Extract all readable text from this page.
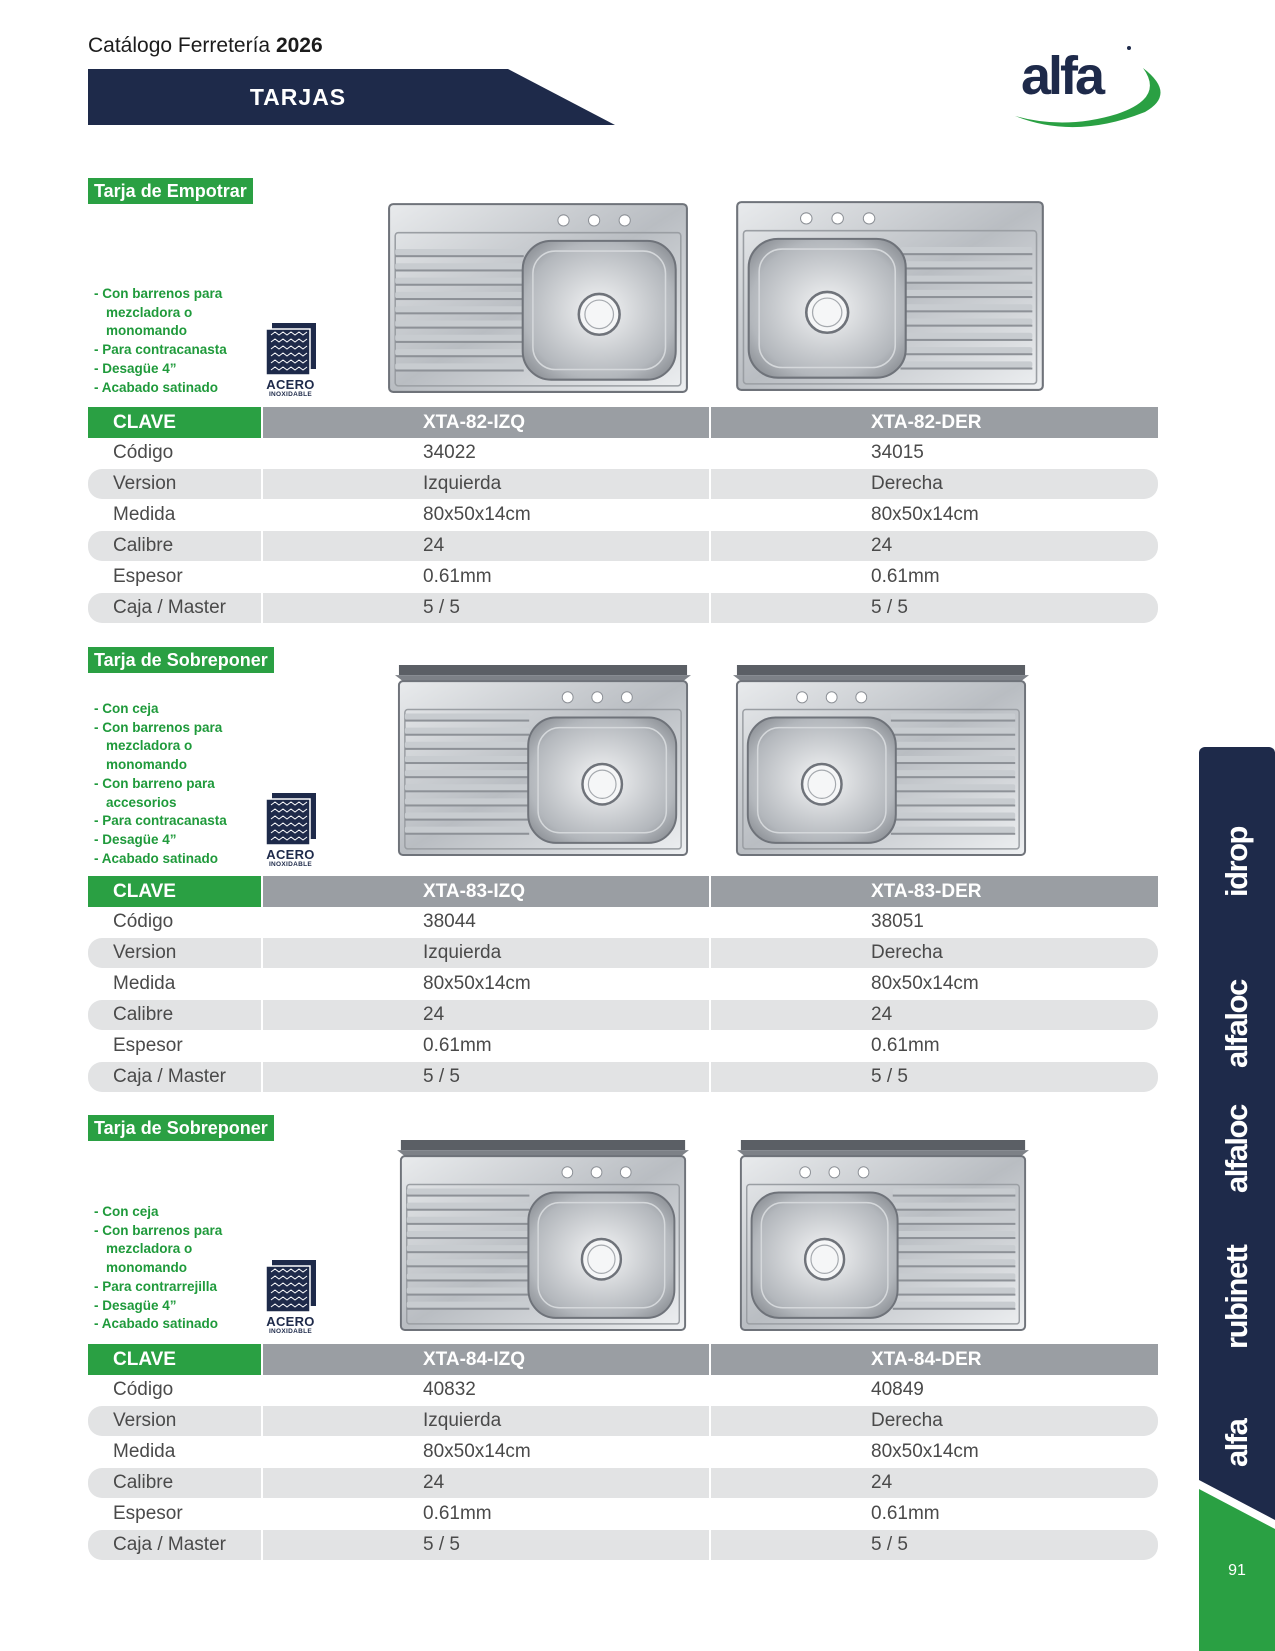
Catálogo Ferretería 2026
TARJAS	alfa
Tarja de Empotrar
- Con barrenos para
mezcladora o
monomando
- Para contracanasta
- Desagüe 4”
- Acabado satinado	ACERO
INOXIDABLE
CLAVE	XTA-82-IZQ	XTA-82-DER
Código	34022	34015
Version	Izquierda	Derecha
Medida	80x50x14cm	80x50x14cm
Calibre	24	24
Espesor	0.61mm	0.61mm
Caja / Master	5 / 5	5 / 5
Tarja de Sobreponer
- Con ceja
- Con barrenos para
mezcladora o
monomando
- Con barreno para
accesorios
- Para contracanasta
- Desagüe 4”
- Acabado satinado	ACERO
INOXIDABLE
CLAVE	XTA-83-IZQ	XTA-83-DER
Código	38044	38051
Version	Izquierda	Derecha
Medida	80x50x14cm	80x50x14cm
Calibre	24	24
Espesor	0.61mm	0.61mm
Caja / Master	5 / 5	5 / 5
Tarja de Sobreponer
- Con ceja
- Con barrenos para
mezcladora o
monomando
- Para contrarrejilla
- Desagüe 4”
- Acabado satinado	ACERO
INOXIDABLE
CLAVE	XTA-84-IZQ	XTA-84-DER
Código	40832	40849
Version	Izquierda	Derecha
Medida	80x50x14cm	80x50x14cm
Calibre	24	24
Espesor	0.61mm	0.61mm
Caja / Master	5 / 5	5 / 5
idrop
alfaloc
alfaloc
rubinett
alfa
91
